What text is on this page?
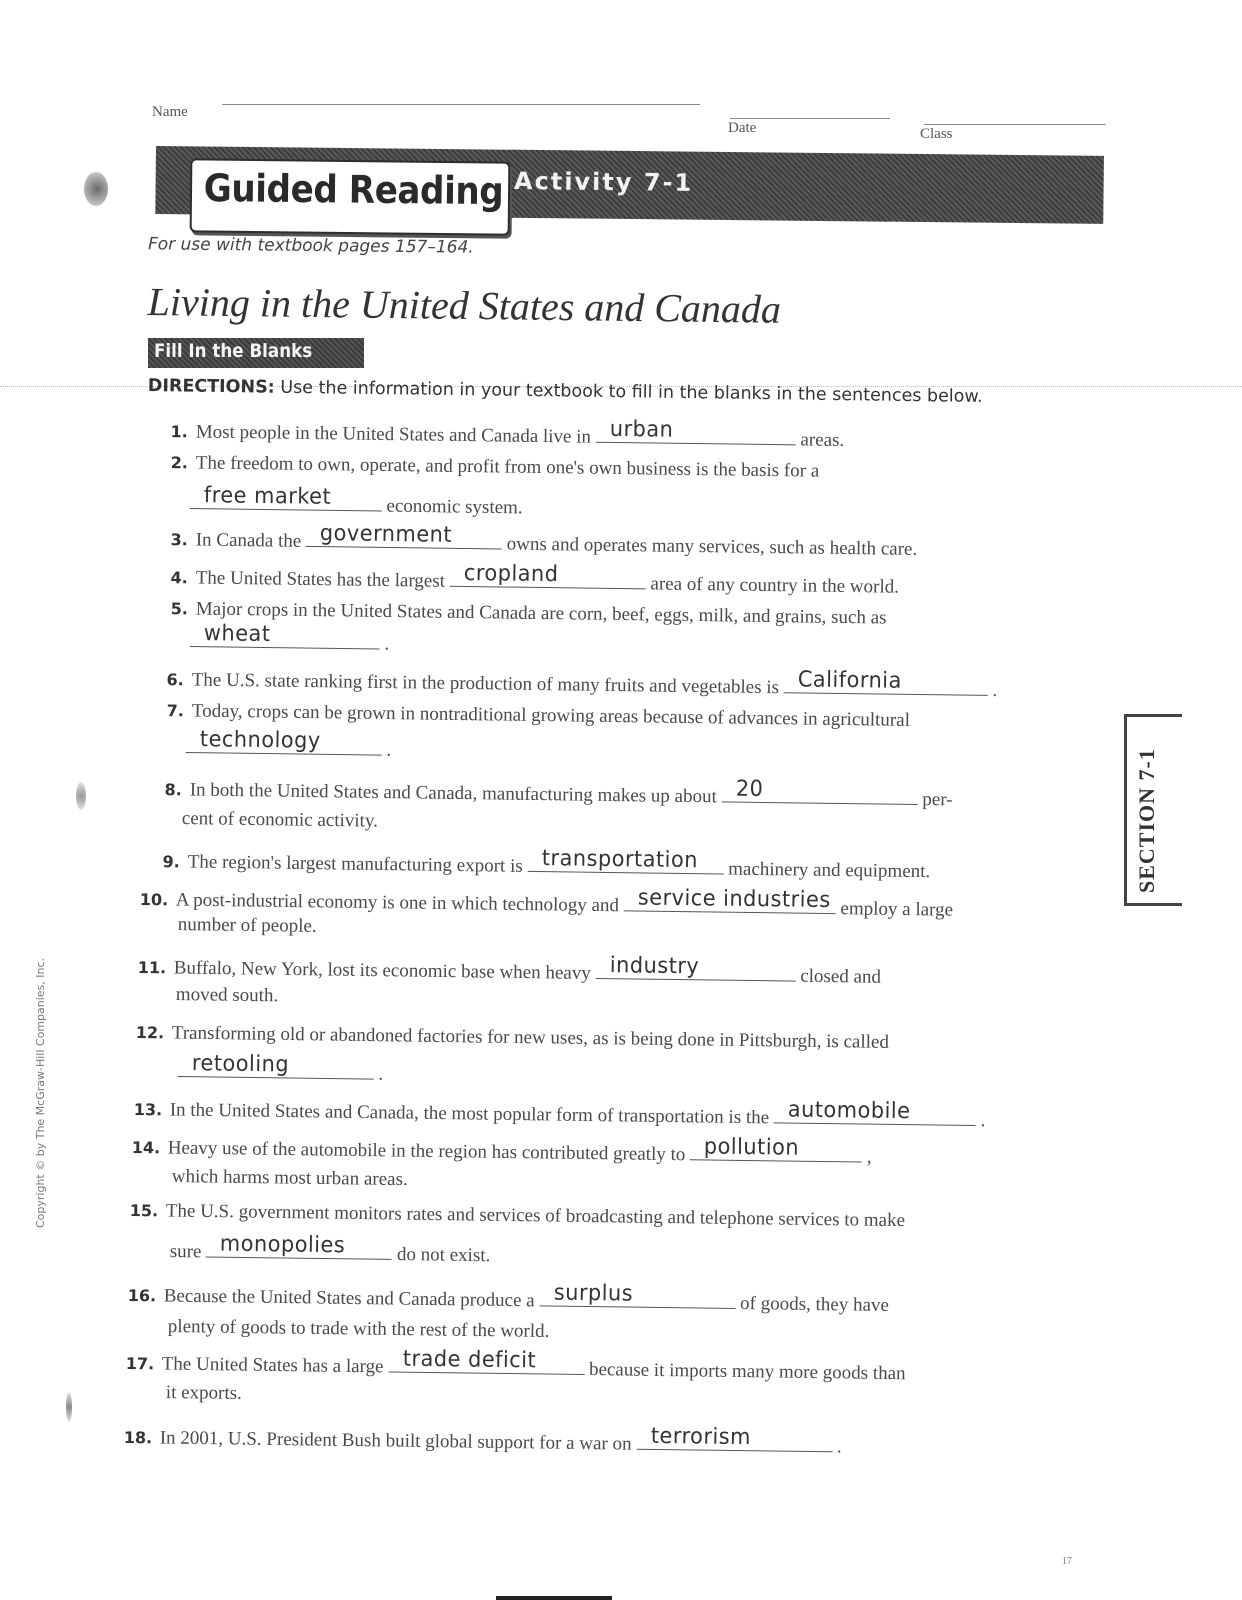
Name
Date	Class
Guided Reading Activity 7-1
For use with textbook pages 157–164.
Living in the United States and Canada
Fill In the Blanks
DIRECTIONS: Use the information in your textbook to fill in the blanks in the sentences below.
1. Most people in the United States and Canada live in urban	areas.
2. The freedom to own, operate, and profit from one's own business is the basis for a
free market	economic system.
3. In Canada the government	owns and operates many services, such as health care.
4. The United States has the largest cropland	area of any country in the world.
5. Major crops in the United States and Canada are corn, beef, eggs, milk, and grains, such as
wheat	.
6. The U.S. state ranking first in the production of many fruits and vegetables is California	.
7. Today, crops can be grown in nontraditional growing areas because of advances in agricultural
technology	.
8. In both the United States and Canada, manufacturing makes up about 20	per-
cent of economic activity.
9. The region's largest manufacturing export is transportation machinery and equipment.
10. A post-industrial economy is one in which technology and service industries employ a large
number of people.
11. Buffalo, New York, lost its economic base when heavy industry	closed and
moved south.
12. Transforming old or abandoned factories for new uses, as is being done in Pittsburgh, is called
retooling	.
13. In the United States and Canada, the most popular form of transportation is the automobile	.
14. Heavy use of the automobile in the region has contributed greatly to pollution	,
which harms most urban areas.
15. The U.S. government monitors rates and services of broadcasting and telephone services to make
sure monopolies do not exist.
16. Because the United States and Canada produce a surplus	of goods, they have
plenty of goods to trade with the rest of the world.
17. The United States has a large trade deficit	because it imports many more goods than
it exports.
18. In 2001, U.S. President Bush built global support for a war on terrorism	.
SECTION 7-1
Copyright © by The McGraw-Hill Companies, Inc.
17
